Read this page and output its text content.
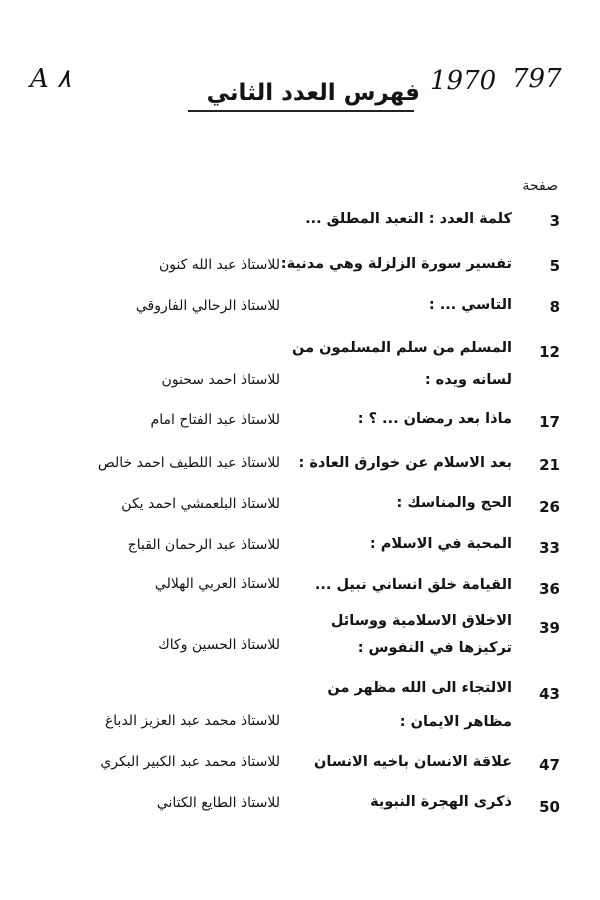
A ۸	1970 797
فهرس العدد الثاني
صفحة
3
كلمة العدد : التعبد المطلق ...
5
تفسير سورة الزلزلة وهي مدنية:
للاستاذ عبد الله كنون
8
التاسي ... :
للاستاذ الرحالي الفاروقي
12
المسلم من سلم المسلمون من
لسانه ويده :
للاستاذ احمد سحنون
17
ماذا بعد رمضان ... ؟ :
للاستاذ عبد الفتاح امام
21
بعد الاسلام عن خوارق العادة :
للاستاذ عبد اللطيف احمد خالص
26
الحج والمناسك :
للاستاذ البلعمشي احمد يكن
33
المحبة في الاسلام :
للاستاذ عبد الرحمان القباج
36
القيامة خلق انساني نبيل ...
للاستاذ العربي الهلالي
39
الاخلاق الاسلامية ووسائل
تركيزها في النفوس :
للاستاذ الحسين وكاك
43
الالتجاء الى الله مظهر من
مظاهر الايمان :
للاستاذ محمد عبد العزيز الدباغ
47
علاقة الانسان باخيه الانسان
للاستاذ محمد عبد الكبير البكري
50
ذكرى الهجرة النبوية
للاستاذ الطايع الكتاني
